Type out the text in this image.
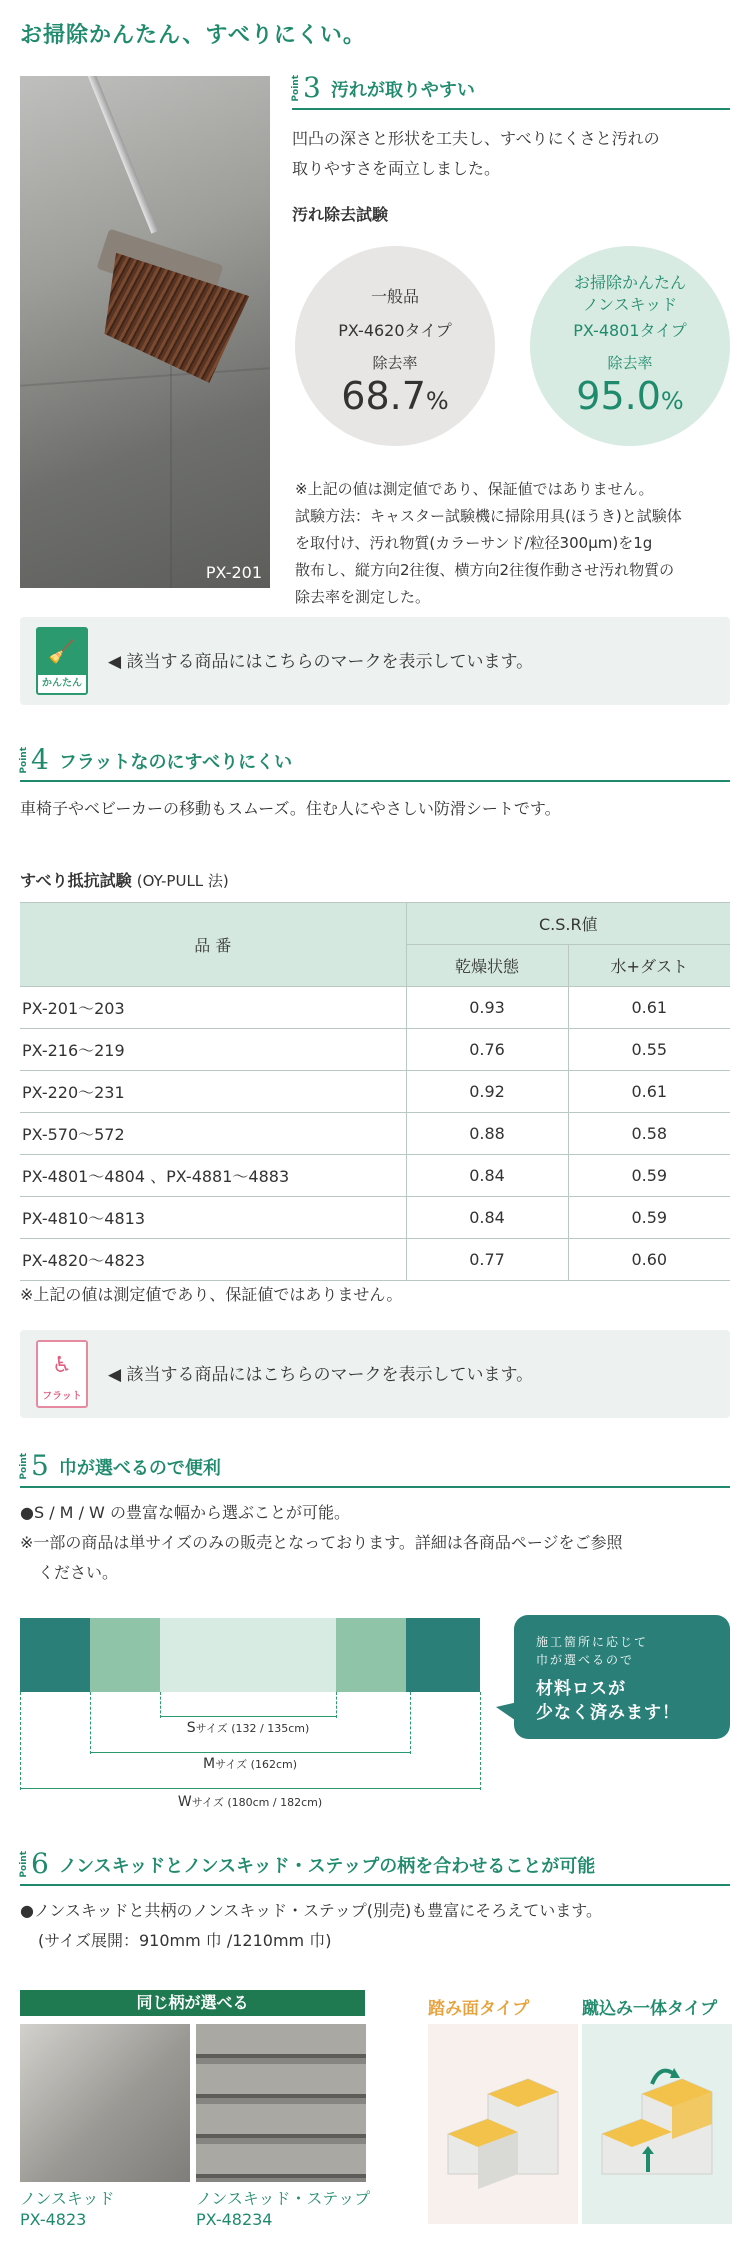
お掃除かんたん、すべりにくい。
PX-201
Point 3 汚れが取りやすい
凹凸の深さと形状を工夫し、すべりにくさと汚れの
取りやすさを両立しました。
汚れ除去試験
一般品
PX-4620タイプ
除去率
68.7%
お掃除かんたん
ノンスキッド
PX-4801タイプ
除去率
95.0%
※上記の値は測定値であり、保証値ではありません。
試験方法：キャスター試験機に掃除用具(ほうき)と試験体
を取付け、汚れ物質(カラーサンド/粒径300μm)を1g
散布し、縦方向2往復、横方向2往復作動させ汚れ物質の
除去率を測定した。
🧹
かんたん
◀ 該当する商品にはこちらのマークを表示しています。
Point 4 フラットなのにすべりにくい
車椅子やベビーカーの移動もスムーズ。住む人にやさしい防滑シートです。
すべり抵抗試験 (OY-PULL 法)
品 番	C.S.R値	
	乾燥状態	水+ダスト
PX-201〜203	0.93	0.61
PX-216〜219	0.76	0.55
PX-220〜231	0.92	0.61
PX-570〜572	0.88	0.58
PX-4801〜4804 、PX-4881〜4883	0.84	0.59
PX-4810〜4813	0.84	0.59
PX-4820〜4823	0.77	0.60
※上記の値は測定値であり、保証値ではありません。
♿
フラット
◀ 該当する商品にはこちらのマークを表示しています。
Point 5 巾が選べるので便利
●S / M / W の豊富な幅から選ぶことが可能。
※一部の商品は単サイズのみの販売となっております。詳細は各商品ページをご参照
ください。
Sサイズ (132 / 135cm)
Mサイズ (162cm)
Wサイズ (180cm / 182cm)
施工箇所に応じて
巾が選べるので
材料ロスが
少なく済みます！
Point 6 ノンスキッドとノンスキッド・ステップの柄を合わせることが可能
●ノンスキッドと共柄のノンスキッド・ステップ(別売)も豊富にそろえています。
(サイズ展開：910mm 巾 /1210mm 巾)
同じ柄が選べる
ノンスキッド
PX-4823
ノンスキッド・ステップ
PX-48234
踏み面タイプ	蹴込み一体タイプ
